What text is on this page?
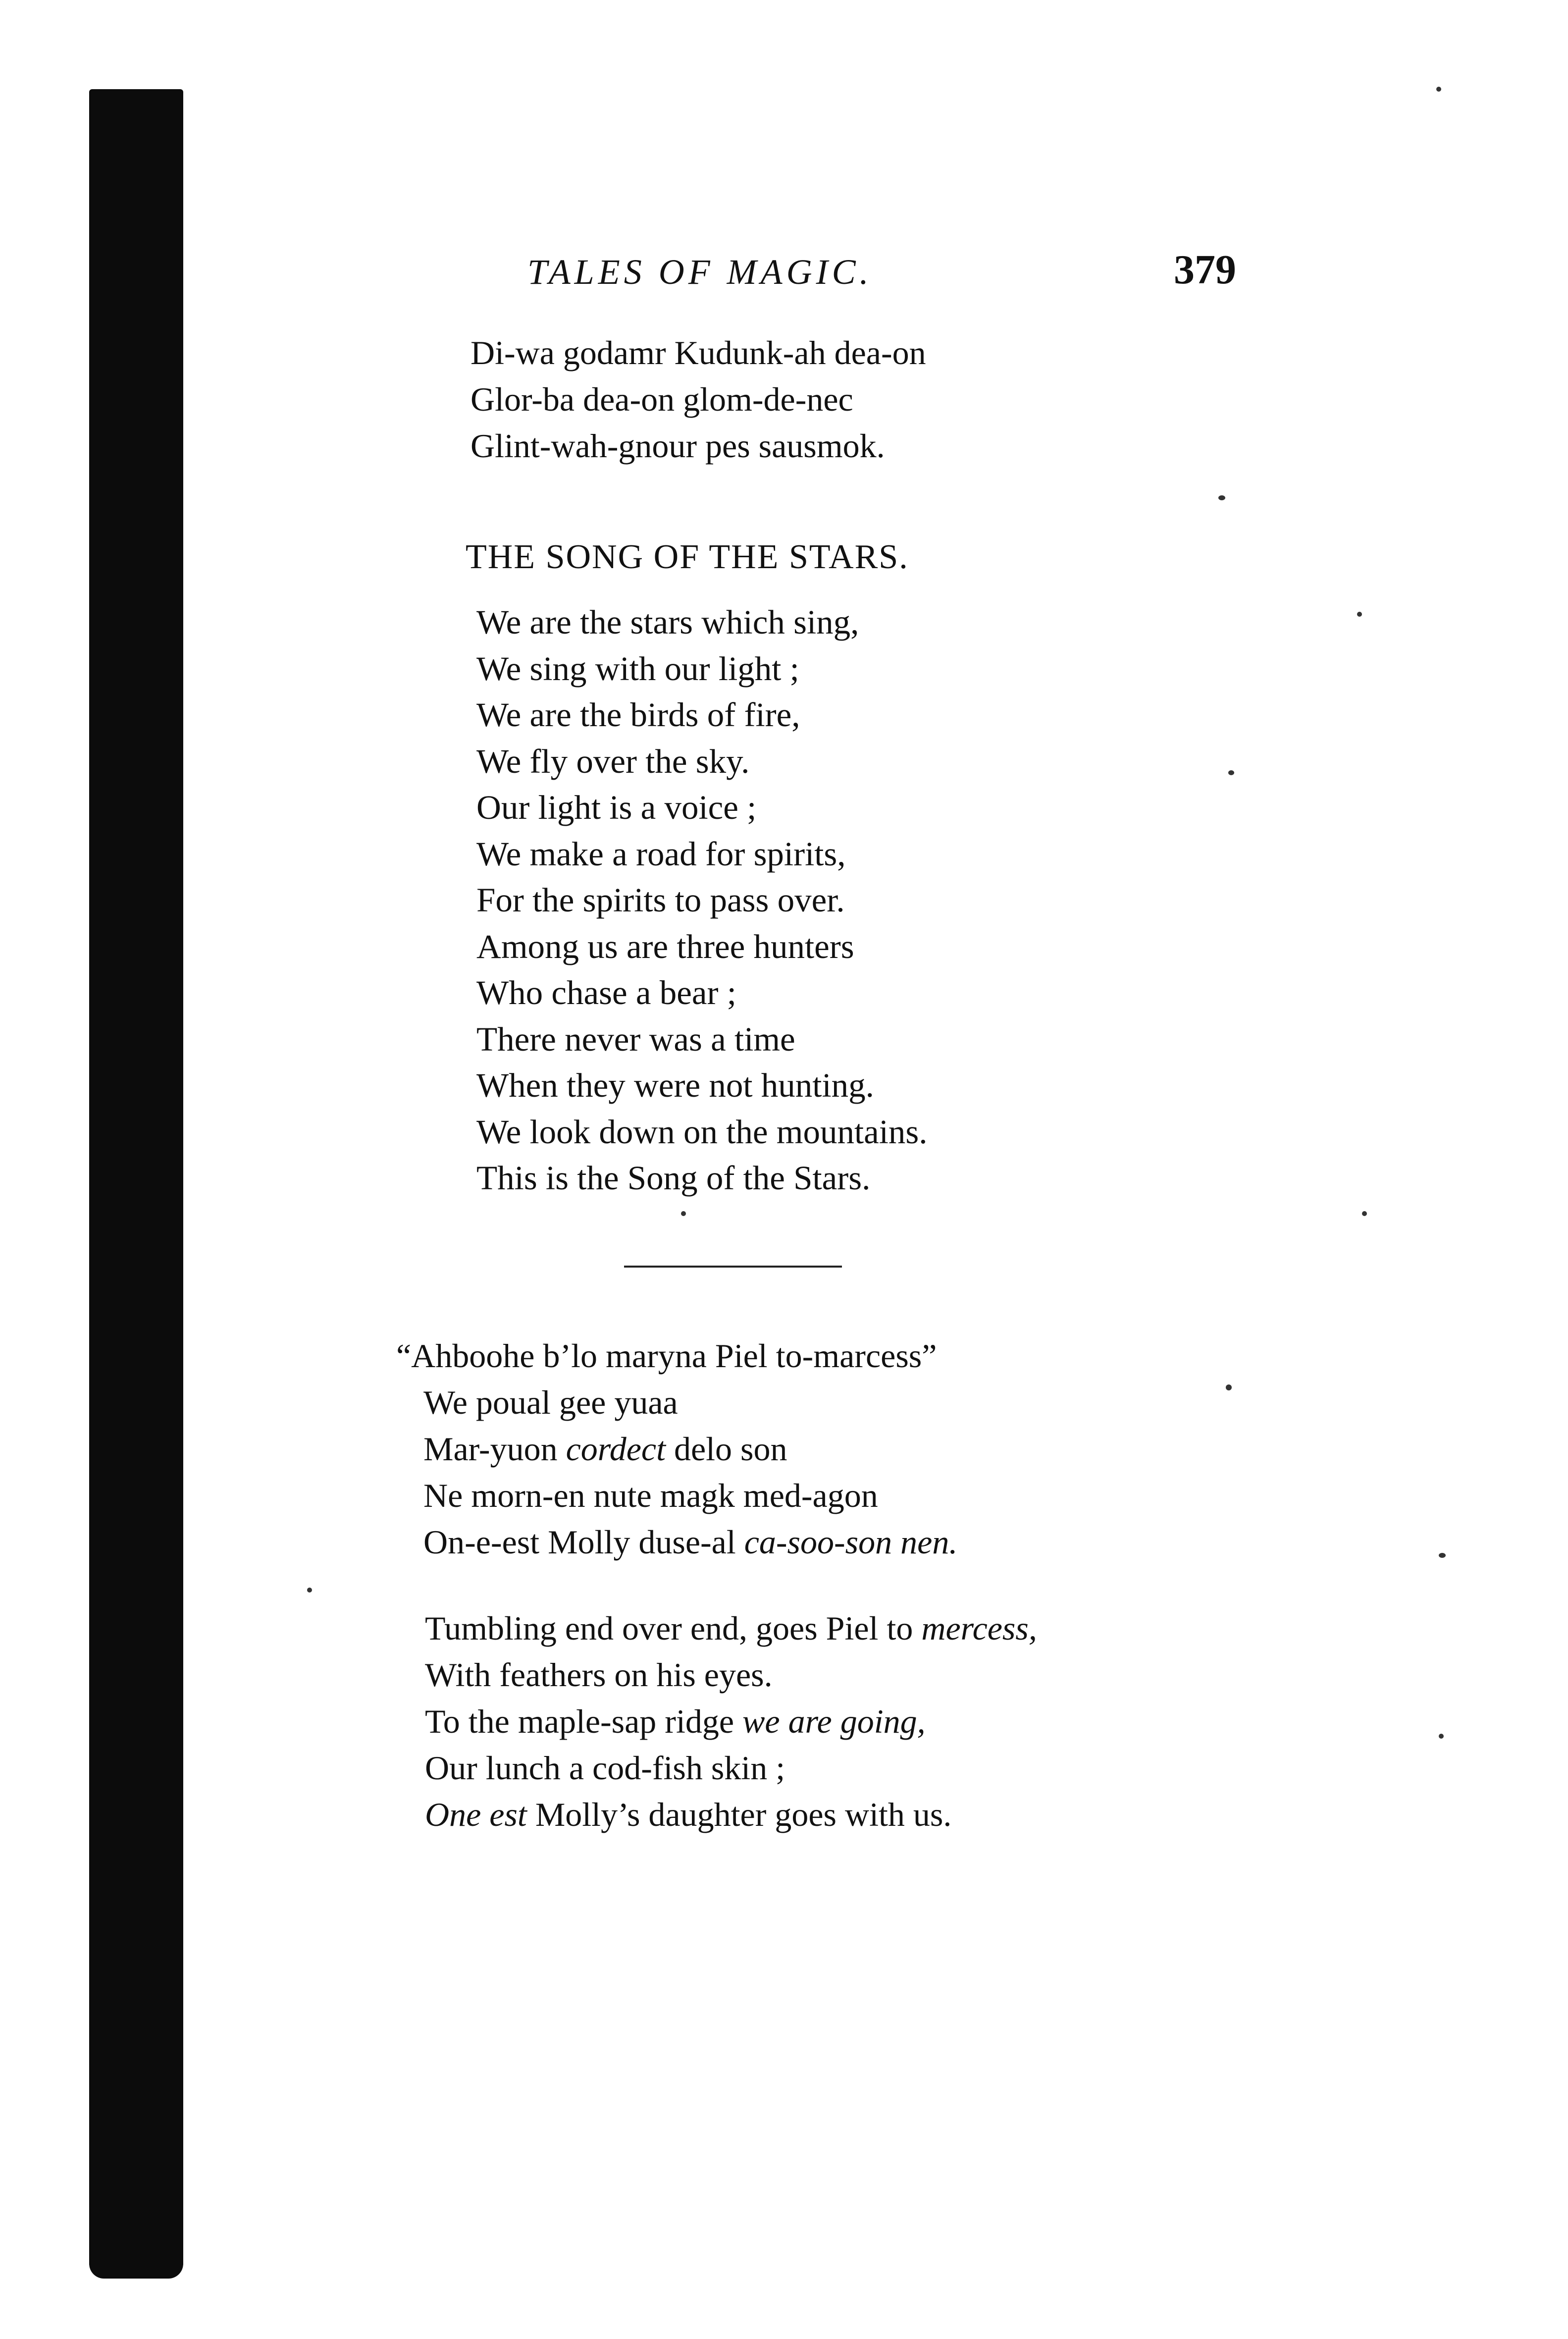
TALES OF MAGIC.	379
Di-wa godamr Kudunk-ah dea-on
Glor-ba dea-on glom-de-nec
Glint-wah-gnour pes sausmok.
THE SONG OF THE STARS.
We are the stars which sing,
We sing with our light ;
We are the birds of fire,
We fly over the sky.
Our light is a voice ;
We make a road for spirits,
For the spirits to pass over.
Among us are three hunters
Who chase a bear ;
There never was a time
When they were not hunting.
We look down on the mountains.
This is the Song of the Stars.
“Ahboohe b’lo maryna Piel to-marcess”
We poual gee yuaa
Mar-yuon cordect delo son
Ne morn-en nute magk med-agon
On-e-est Molly duse-al ca-soo-son nen.
Tumbling end over end, goes Piel to mercess,
With feathers on his eyes.
To the maple-sap ridge we are going,
Our lunch a cod-fish skin ;
One est Molly’s daughter goes with us.
